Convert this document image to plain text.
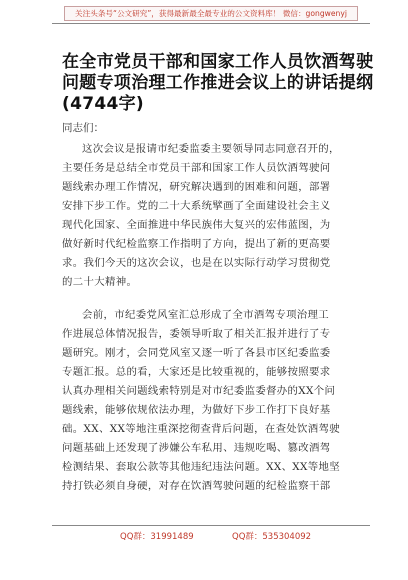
关注头条号“公文研究”，获得最新最全最专业的公文资料库！ 微信：gongwenyj
在全市党员干部和国家工作人员饮酒驾驶
问题专项治理工作推进会议上的讲话提纲
(4744字)
同志们：
这次会议是报请市纪委监委主要领导同志同意召开的，
主要任务是总结全市党员干部和国家工作人员饮酒驾驶问
题线索办理工作情况，研究解决遇到的困难和问题，部署
安排下步工作。党的二十大系统擘画了全面建设社会主义
现代化国家、全面推进中华民族伟大复兴的宏伟蓝图，为
做好新时代纪检监察工作指明了方向，提出了新的更高要
求。我们今天的这次会议，也是在以实际行动学习贯彻党
的二十大精神。
会前，市纪委党风室汇总形成了全市酒驾专项治理工
作进展总体情况报告，委领导听取了相关汇报并进行了专
题研究。刚才，会同党风室又逐一听了各县市区纪委监委
专题汇报。总的看，大家还是比较重视的，能够按照要求
认真办理相关问题线索特别是对市纪委监委督办的XX个问
题线索，能够依规依法办理，为做好下步工作打下良好基
础。XX、XX等地注重深挖彻查背后问题，在查处饮酒驾驶
问题基础上还发现了涉嫌公车私用、违规吃喝、篡改酒驾
检测结果、套取公款等其他违纪违法问题。XX、XX等地坚
持打铁必须自身硬，对存在饮酒驾驶问题的纪检监察干部
QQ群：31991489	QQ群：535304092
